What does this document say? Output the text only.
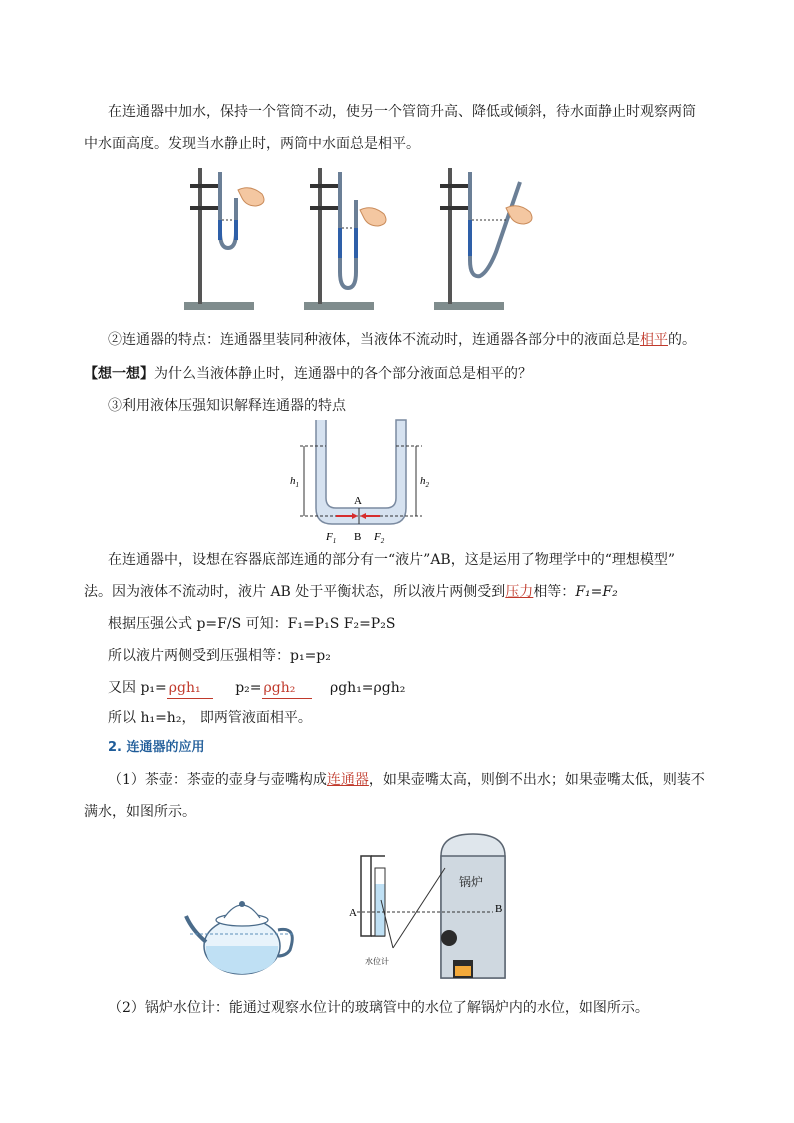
在连通器中加水，保持一个管筒不动，使另一个管筒升高、降低或倾斜，待水面静止时观察两筒
中水面高度。发现当水静止时，两筒中水面总是相平。
②连通器的特点：连通器里装同种液体，当液体不流动时，连通器各部分中的液面总是相平的。
【想一想】为什么当液体静止时，连通器中的各个部分液面总是相平的？
③利用液体压强知识解释连通器的特点
$h_1$	$h_2$
A
B
$F_1$	$F_2$
在连通器中，设想在容器底部连通的部分有一“液片”AB，这是运用了物理学中的“理想模型”
法。因为液体不流动时，液片 AB 处于平衡状态，所以液片两侧受到压力相等：F₁=F₂
根据压强公式 p=F/S 可知：F₁=P₁S F₂=P₂S
所以液片两侧受到压强相等：p₁=p₂
又因 p₁= ρgh₁ p₂= ρgh₂ ρgh₁=ρgh₂
所以 h₁=h₂， 即两管液面相平。
2. 连通器的应用
（1）茶壶：茶壶的壶身与壶嘴构成连通器，如果壶嘴太高，则倒不出水；如果壶嘴太低，则装不
满水，如图所示。
锅炉
A	B
水位计
（2）锅炉水位计：能通过观察水位计的玻璃管中的水位了解锅炉内的水位，如图所示。
